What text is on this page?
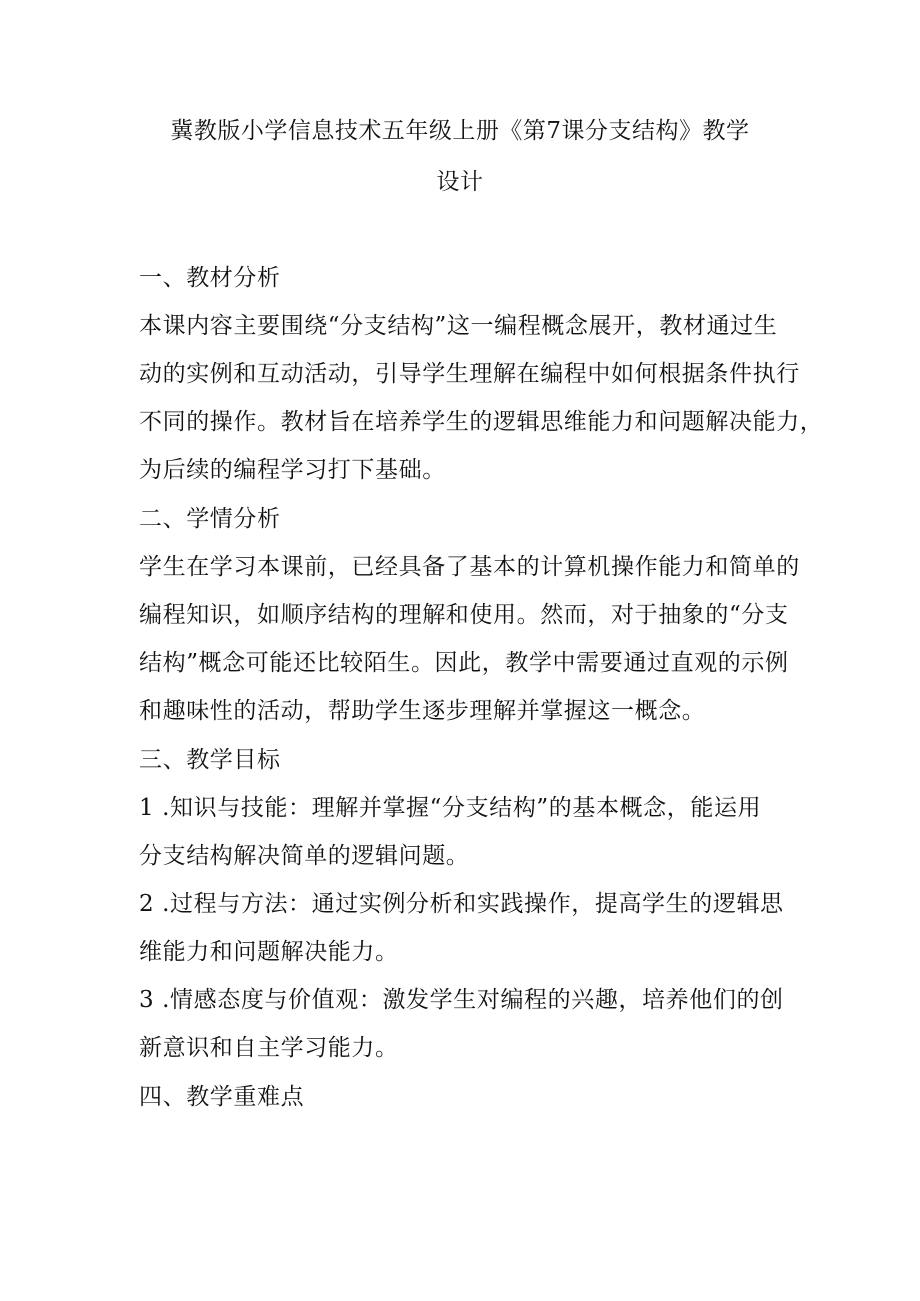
冀教版小学信息技术五年级上册《第7课分支结构》教学
设计

一、教材分析

本课内容主要围绕“分支结构”这一编程概念展开，教材通过生

动的实例和互动活动，引导学生理解在编程中如何根据条件执行

不同的操作。教材旨在培养学生的逻辑思维能力和问题解决能力，

为后续的编程学习打下基础。

二、学情分析

学生在学习本课前，已经具备了基本的计算机操作能力和简单的

编程知识，如顺序结构的理解和使用。然而，对于抽象的“分支

结构”概念可能还比较陌生。因此，教学中需要通过直观的示例

和趣味性的活动，帮助学生逐步理解并掌握这一概念。

三、教学目标

1 .知识与技能：理解并掌握“分支结构”的基本概念，能运用

分支结构解决简单的逻辑问题。

2 .过程与方法：通过实例分析和实践操作，提高学生的逻辑思

维能力和问题解决能力。

3 .情感态度与价值观：激发学生对编程的兴趣，培养他们的创

新意识和自主学习能力。

四、教学重难点
